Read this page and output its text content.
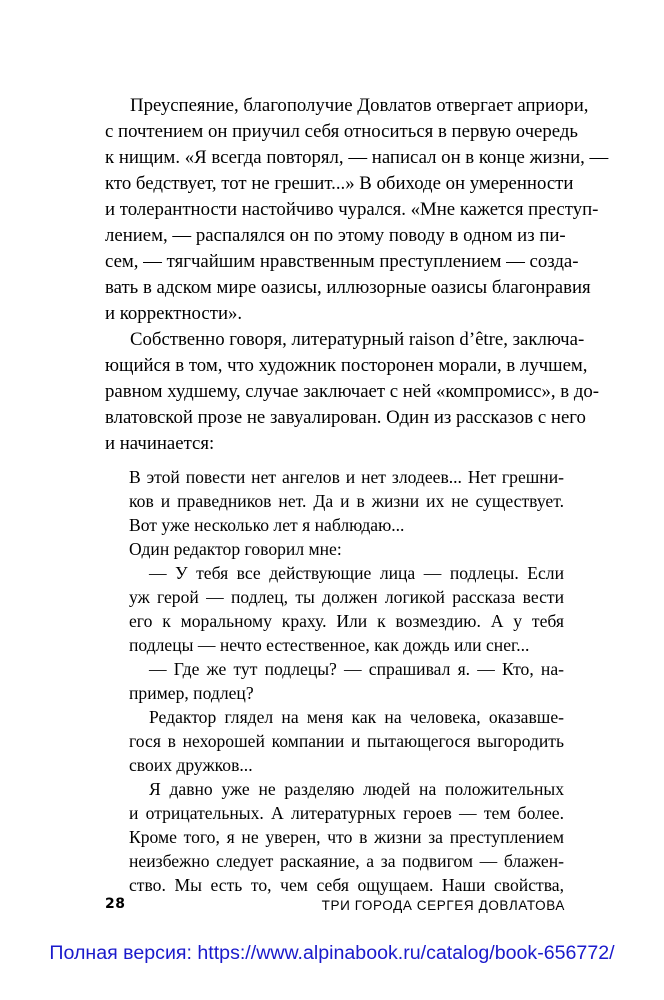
Преуспеяние, благополучие Довлатов отвергает априори,
с почтением он приучил себя относиться в первую очередь
к нищим. «Я всегда повторял, — написал он в конце жизни, —
кто бедствует, тот не грешит...» В обиходе он умеренности
и толерантности настойчиво чурался. «Мне кажется преступ-
лением, — распалялся он по этому поводу в одном из пи-
сем, — тягчайшим нравственным преступлением — созда-
вать в адском мире оазисы, иллюзорные оазисы благонравия
и корректности».
Собственно говоря, литературный raison d’être, заключа-
ющийся в том, что художник посторонен морали, в лучшем,
равном худшему, случае заключает с ней «компромисс», в до-
влатовской прозе не завуалирован. Один из рассказов с него
и начинается:
В этой повести нет ангелов и нет злодеев... Нет грешни-
ков и праведников нет. Да и в жизни их не существует.
Вот уже несколько лет я наблюдаю...
Один редактор говорил мне:
— У тебя все действующие лица — подлецы. Если
уж герой — подлец, ты должен логикой рассказа вести
его к моральному краху. Или к возмездию. А у тебя
подлецы — нечто естественное, как дождь или снег...
— Где же тут подлецы? — спрашивал я. — Кто, на-
пример, подлец?
Редактор глядел на меня как на человека, оказавше-
гося в нехорошей компании и пытающегося выгородить
своих дружков...
Я давно уже не разделяю людей на положительных
и отрицательных. А литературных героев — тем более.
Кроме того, я не уверен, что в жизни за преступлением
неизбежно следует раскаяние, а за подвигом — блажен-
ство. Мы есть то, чем себя ощущаем. Наши свойства,
28	ТРИ ГОРОДА СЕРГЕЯ ДОВЛАТОВА
Полная версия: https://www.alpinabook.ru/catalog/book-656772/
